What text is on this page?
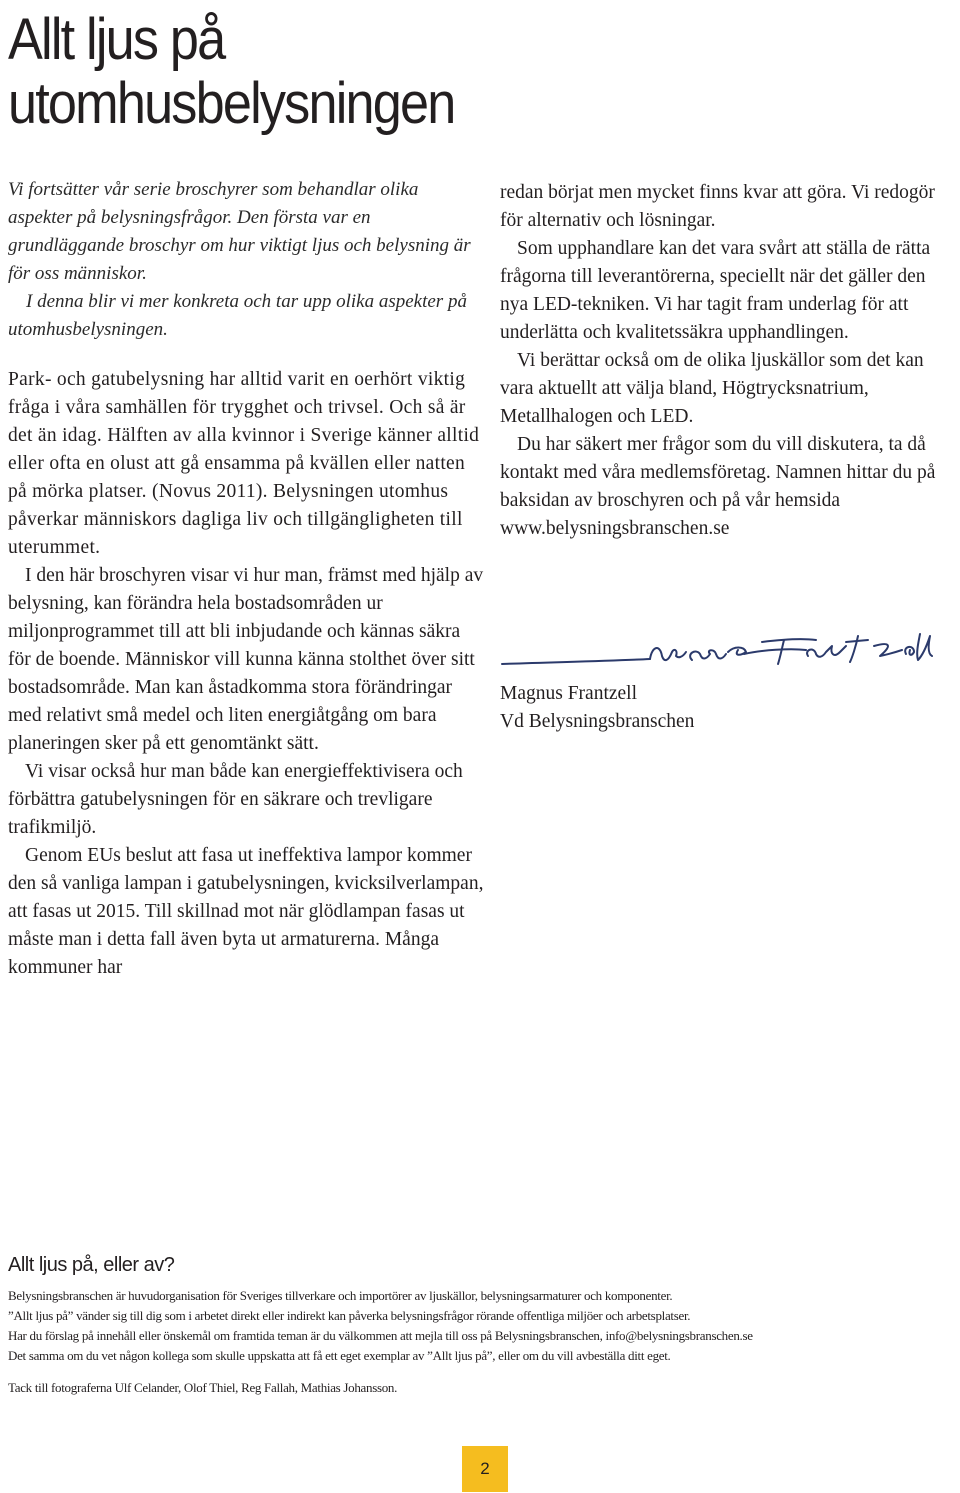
Allt ljus på utomhusbelysningen

Vi fortsätter vår serie broschyrer som behandlar olika aspekter på belysningsfrågor. Den första var en grundläggande broschyr om hur viktigt ljus och belysning är för oss människor.

I denna blir vi mer konkreta och tar upp olika aspekter på utomhusbelysningen.

Park- och gatubelysning har alltid varit en oerhört viktig fråga i våra samhällen för trygghet och trivsel. Och så är det än idag. Hälften av alla kvinnor i Sverige känner alltid eller ofta en olust att gå ensamma på kvällen eller natten på mörka platser. (Novus 2011). Belysningen utomhus påverkar människors dagliga liv och tillgängligheten till uterummet.

I den här broschyren visar vi hur man, främst med hjälp av belysning, kan förändra hela bostadsområden ur miljonprogrammet till att bli inbjudande och kännas säkra för de boende. Människor vill kunna känna stolthet över sitt bostadsområde. Man kan åstadkomma stora förändringar med relativt små medel och liten energiåtgång om bara planeringen sker på ett genomtänkt sätt.

Vi visar också hur man både kan energieffektivisera och förbättra gatubelysningen för en säkrare och trevligare trafikmiljö.

Genom EUs beslut att fasa ut ineffektiva lampor kommer den så vanliga lampan i gatubelysningen, kvicksilverlampan, att fasas ut 2015. Till skillnad mot när glödlampan fasas ut måste man i detta fall även byta ut armaturerna. Många kommuner har

redan börjat men mycket finns kvar att göra. Vi redogör för alternativ och lösningar.

Som upphandlare kan det vara svårt att ställa de rätta frågorna till leverantörerna, speciellt när det gäller den nya LED-tekniken. Vi har tagit fram underlag för att underlätta och kvalitetssäkra upphandlingen.

Vi berättar också om de olika ljuskällor som det kan vara aktuellt att välja bland, Högtrycksnatrium, Metallhalogen och LED.

Du har säkert mer frågor som du vill diskutera, ta då kontakt med våra medlemsföretag. Namnen hittar du på baksidan av broschyren och på vår hemsida www.belysningsbranschen.se

Magnus Frantzell
Vd Belysningsbranschen
Allt ljus på, eller av?

Belysningsbranschen är huvudorganisation för Sveriges tillverkare och importörer av ljuskällor, belysningsarmaturer och komponenter.

”Allt ljus på” vänder sig till dig som i arbetet direkt eller indirekt kan påverka belysningsfrågor rörande offentliga miljöer och arbetsplatser.

Har du förslag på innehåll eller önskemål om framtida teman är du välkommen att mejla till oss på Belysningsbranschen, info@belysningsbranschen.se

Det samma om du vet någon kollega som skulle uppskatta att få ett eget exemplar av ”Allt ljus på”, eller om du vill avbeställa ditt eget.

Tack till fotograferna Ulf Celander, Olof Thiel, Reg Fallah, Mathias Johansson.

2
